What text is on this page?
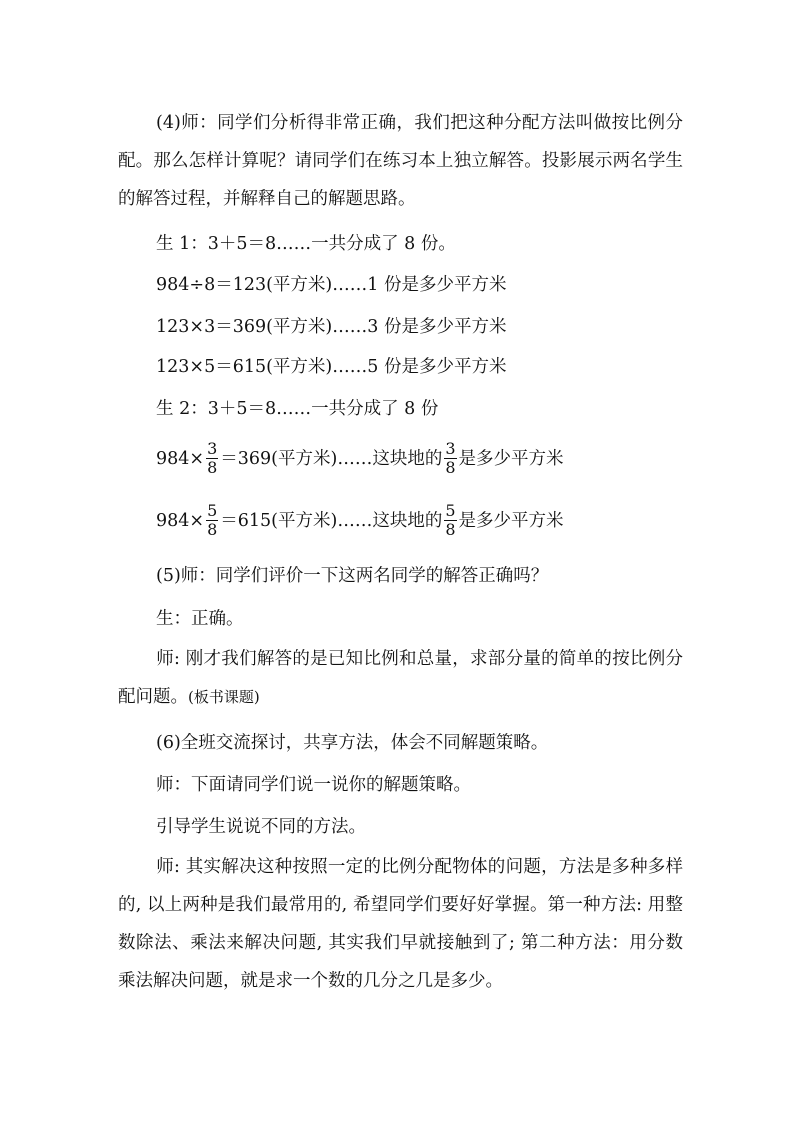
(4)师：同学们分析得非常正确，我们把这种分配方法叫做按比例分配。那么怎样计算呢？请同学们在练习本上独立解答。投影展示两名学生的解答过程，并解释自己的解题思路。

生 1：3＋5＝8……一共分成了 8 份。

984÷8＝123(平方米)……1 份是多少平方米

123×3＝369(平方米)……3 份是多少平方米

123×5＝615(平方米)……5 份是多少平方米

生 2：3＋5＝8……一共分成了 8 份

$984\times \frac{3}{8} =369$(平方米)……这块地的 $\frac{3}{8}$ 是多少平方米

$984\times \frac{5}{8} =615$(平方米)……这块地的 $\frac{5}{8}$ 是多少平方米

(5)师：同学们评价一下这两名同学的解答正确吗？

生：正确。

师: 刚才我们解答的是已知比例和总量，求部分量的简单的按比例分配问题。(板书课题)

(6)全班交流探讨，共享方法，体会不同解题策略。

师：下面请同学们说一说你的解题策略。

引导学生说说不同的方法。

师: 其实解决这种按照一定的比例分配物体的问题，方法是多种多样的, 以上两种是我们最常用的, 希望同学们要好好掌握。第一种方法: 用整数除法、乘法来解决问题, 其实我们早就接触到了; 第二种方法：用分数乘法解决问题，就是求一个数的几分之几是多少。
